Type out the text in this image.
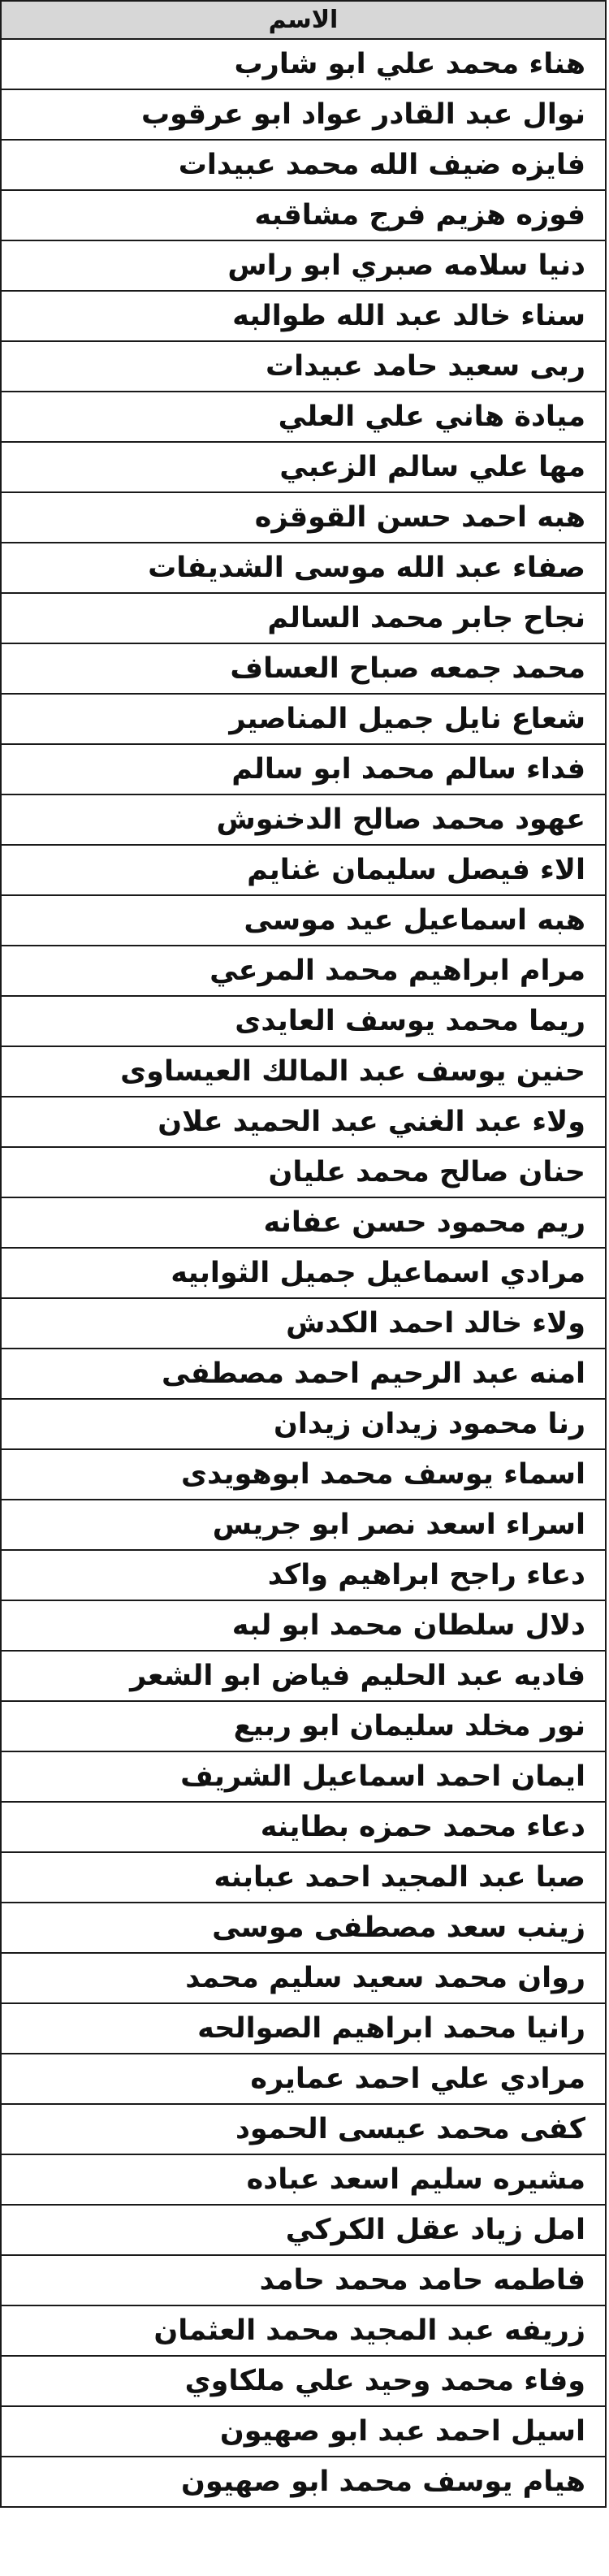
الاسم
هناء محمد علي ابو شارب
نوال عبد القادر عواد ابو عرقوب
فايزه ضيف الله محمد عبيدات
فوزه هزيم فرج مشاقبه
دنيا سلامه صبري ابو راس
سناء خالد عبد الله طوالبه
ربى سعيد حامد عبيدات
ميادة هاني علي العلي
مها علي سالم الزعبي
هبه احمد حسن القوقزه
صفاء عبد الله موسى الشديفات
نجاح جابر محمد السالم
محمد جمعه صباح العساف
شعاع نايل جميل المناصير
فداء سالم محمد ابو سالم
عهود محمد صالح الدخنوش
الاء فيصل سليمان غنايم
هبه اسماعيل عيد موسى
مرام ابراهيم محمد المرعي
ريما محمد يوسف العايدى
حنين يوسف عبد المالك العيساوى
ولاء عبد الغني عبد الحميد علان
حنان صالح محمد عليان
ريم محمود حسن عفانه
مرادي اسماعيل جميل الثوابيه
ولاء خالد احمد الكدش
امنه عبد الرحيم احمد مصطفى
رنا محمود زيدان زيدان
اسماء يوسف محمد ابوهويدى
اسراء اسعد نصر ابو جريس
دعاء راجح ابراهيم واكد
دلال سلطان محمد ابو لبه
فاديه عبد الحليم فياض ابو الشعر
نور مخلد سليمان ابو ربيع
ايمان احمد اسماعيل الشريف
دعاء محمد حمزه بطاينه
صبا عبد المجيد احمد عبابنه
زينب سعد مصطفى موسى
روان محمد سعيد سليم محمد
رانيا محمد ابراهيم الصوالحه
مرادي علي احمد عمايره
كفى محمد عيسى الحمود
مشيره سليم اسعد عباده
امل زياد عقل الكركي
فاطمه حامد محمد حامد
زريفه عبد المجيد محمد العثمان
وفاء محمد وحيد علي ملكاوي
اسيل احمد عبد ابو صهيون
هيام يوسف محمد ابو صهيون
